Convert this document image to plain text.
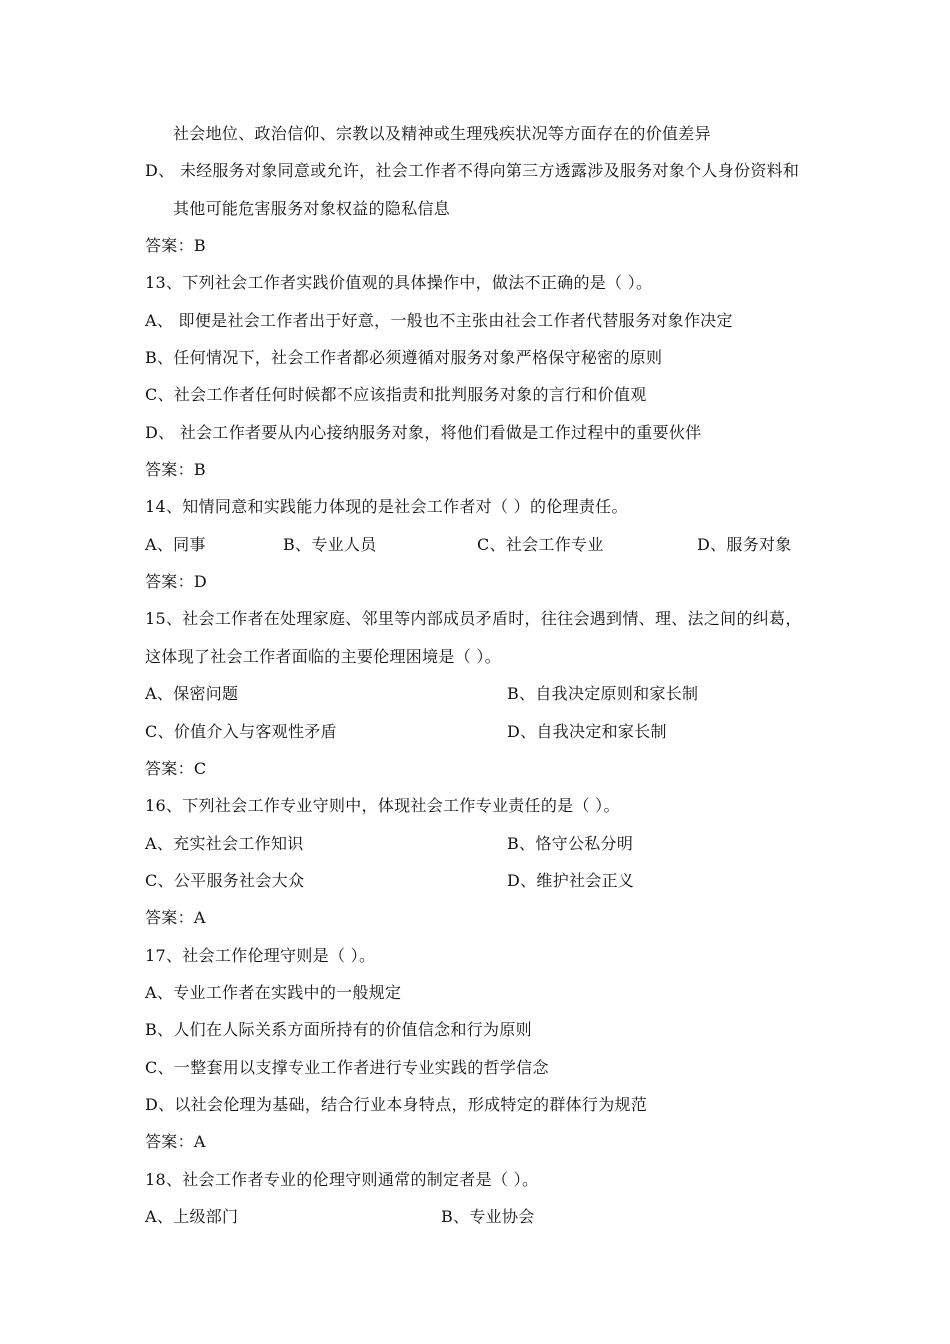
社会地位、政治信仰、宗教以及精神或生理残疾状况等方面存在的价值差异
D、 未经服务对象同意或允许，社会工作者不得向第三方透露涉及服务对象个人身份资料和
其他可能危害服务对象权益的隐私信息
答案：B
13、下列社会工作者实践价值观的具体操作中，做法不正确的是（ ）。
A、 即便是社会工作者出于好意，一般也不主张由社会工作者代替服务对象作决定
B、任何情况下，社会工作者都必须遵循对服务对象严格保守秘密的原则
C、社会工作者任何时候都不应该指责和批判服务对象的言行和价值观
D、 社会工作者要从内心接纳服务对象，将他们看做是工作过程中的重要伙伴
答案：B
14、知情同意和实践能力体现的是社会工作者对（ ）的伦理责任。
A、同事	B、专业人员	C、社会工作专业	D、服务对象
答案：D
15、社会工作者在处理家庭、邻里等内部成员矛盾时，往往会遇到情、理、法之间的纠葛，
这体现了社会工作者面临的主要伦理困境是（ ）。
A、保密问题	B、自我决定原则和家长制
C、价值介入与客观性矛盾	D、自我决定和家长制
答案：C
16、下列社会工作专业守则中，体现社会工作专业责任的是（ ）。
A、充实社会工作知识	B、恪守公私分明
C、公平服务社会大众	D、维护社会正义
答案：A
17、社会工作伦理守则是（ ）。
A、专业工作者在实践中的一般规定
B、人们在人际关系方面所持有的价值信念和行为原则
C、一整套用以支撑专业工作者进行专业实践的哲学信念
D、以社会伦理为基础，结合行业本身特点，形成特定的群体行为规范
答案：A
18、社会工作者专业的伦理守则通常的制定者是（ ）。
A、上级部门	B、专业协会
